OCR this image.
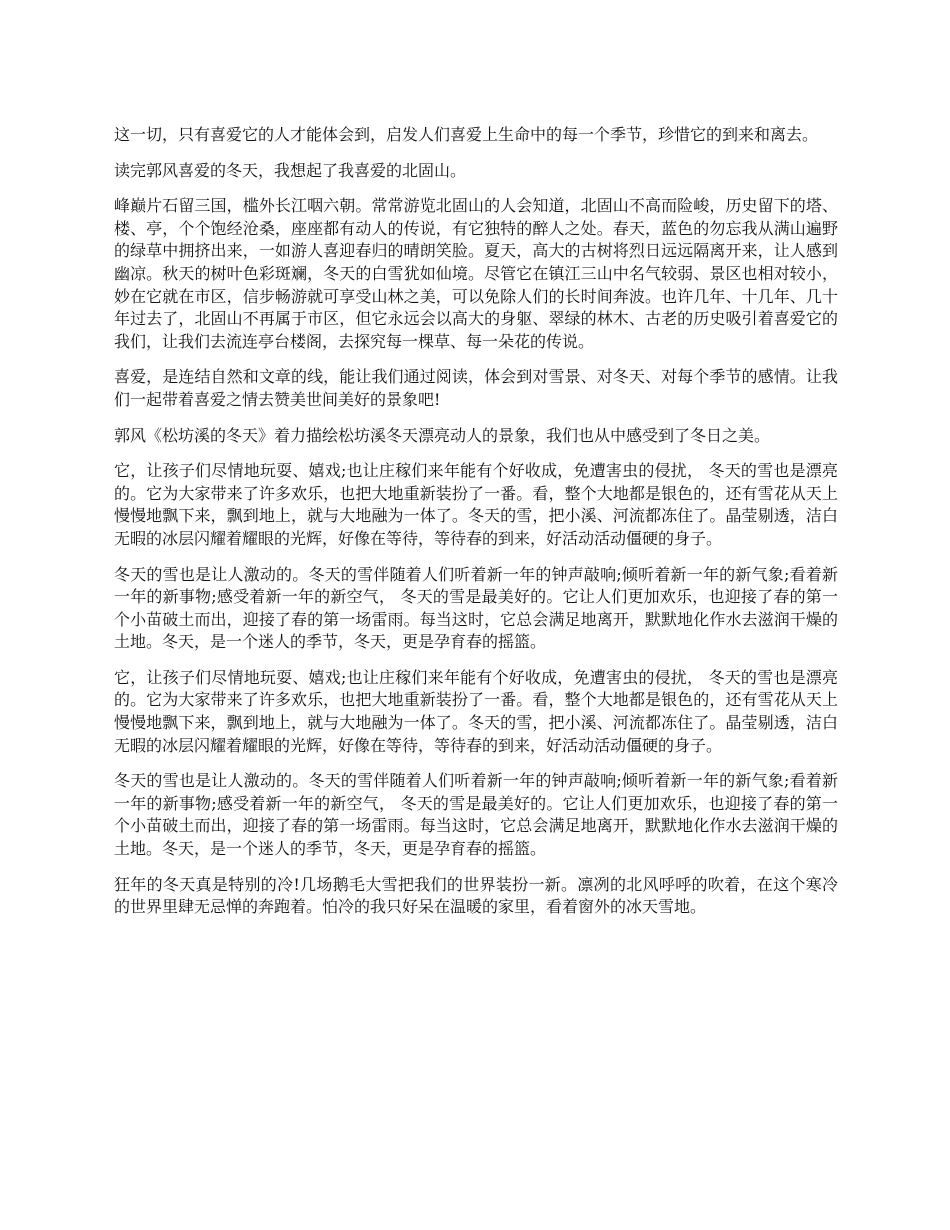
这一切，只有喜爱它的人才能体会到，启发人们喜爱上生命中的每一个季节，珍惜它的到来和离去。

读完郭风喜爱的冬天，我想起了我喜爱的北固山。

峰巅片石留三国，槛外长江咽六朝。常常游览北固山的人会知道，北固山不高而险峻，历史留下的塔、楼、亭，个个饱经沧桑，座座都有动人的传说，有它独特的醉人之处。春天，蓝色的勿忘我从满山遍野的绿草中拥挤出来，一如游人喜迎春归的晴朗笑脸。夏天，高大的古树将烈日远远隔离开来，让人感到幽凉。秋天的树叶色彩斑斓，冬天的白雪犹如仙境。尽管它在镇江三山中名气较弱、景区也相对较小，妙在它就在市区，信步畅游就可享受山林之美，可以免除人们的长时间奔波。也许几年、十几年、几十年过去了，北固山不再属于市区，但它永远会以高大的身躯、翠绿的林木、古老的历史吸引着喜爱它的我们，让我们去流连亭台楼阁，去探究每一棵草、每一朵花的传说。

喜爱，是连结自然和文章的线，能让我们通过阅读，体会到对雪景、对冬天、对每个季节的感情。让我们一起带着喜爱之情去赞美世间美好的景象吧!

郭风《松坊溪的冬天》着力描绘松坊溪冬天漂亮动人的景象，我们也从中感受到了冬日之美。

它，让孩子们尽情地玩耍、嬉戏;也让庄稼们来年能有个好收成，免遭害虫的侵扰， 冬天的雪也是漂亮的。它为大家带来了许多欢乐，也把大地重新装扮了一番。看，整个大地都是银色的，还有雪花从天上慢慢地飘下来，飘到地上，就与大地融为一体了。冬天的雪，把小溪、河流都冻住了。晶莹剔透，洁白无暇的冰层闪耀着耀眼的光辉，好像在等待，等待春的到来，好活动活动僵硬的身子。

冬天的雪也是让人激动的。冬天的雪伴随着人们听着新一年的钟声敲响;倾听着新一年的新气象;看着新一年的新事物;感受着新一年的新空气， 冬天的雪是最美好的。它让人们更加欢乐，也迎接了春的第一个小苗破土而出，迎接了春的第一场雷雨。每当这时，它总会满足地离开，默默地化作水去滋润干燥的土地。冬天，是一个迷人的季节，冬天，更是孕育春的摇篮。

它，让孩子们尽情地玩耍、嬉戏;也让庄稼们来年能有个好收成，免遭害虫的侵扰， 冬天的雪也是漂亮的。它为大家带来了许多欢乐，也把大地重新装扮了一番。看，整个大地都是银色的，还有雪花从天上慢慢地飘下来，飘到地上，就与大地融为一体了。冬天的雪，把小溪、河流都冻住了。晶莹剔透，洁白无暇的冰层闪耀着耀眼的光辉，好像在等待，等待春的到来，好活动活动僵硬的身子。

冬天的雪也是让人激动的。冬天的雪伴随着人们听着新一年的钟声敲响;倾听着新一年的新气象;看着新一年的新事物;感受着新一年的新空气， 冬天的雪是最美好的。它让人们更加欢乐，也迎接了春的第一个小苗破土而出，迎接了春的第一场雷雨。每当这时，它总会满足地离开，默默地化作水去滋润干燥的土地。冬天，是一个迷人的季节，冬天，更是孕育春的摇篮。

狂年的冬天真是特别的冷!几场鹅毛大雪把我们的世界装扮一新。凛冽的北风呼呼的吹着，在这个寒冷的世界里肆无忌惮的奔跑着。怕冷的我只好呆在温暖的家里，看着窗外的冰天雪地。
